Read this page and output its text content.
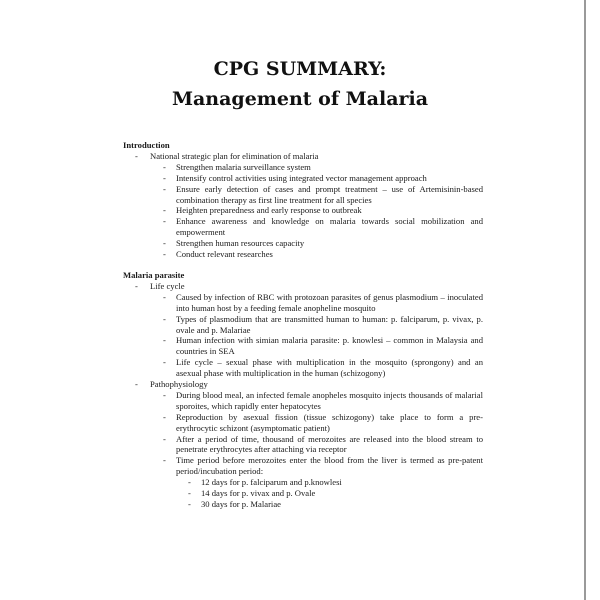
CPG SUMMARY:
Management of Malaria
Introduction
- National strategic plan for elimination of malaria
- Strengthen malaria surveillance system
- Intensify control activities using integrated vector management approach
- Ensure early detection of cases and prompt treatment – use of Artemisinin-based combination therapy as first line treatment for all species
- Heighten preparedness and early response to outbreak
- Enhance awareness and knowledge on malaria towards social mobilization and empowerment
- Strengthen human resources capacity
- Conduct relevant researches
Malaria parasite
- Life cycle
- Caused by infection of RBC with protozoan parasites of genus plasmodium – inoculated into human host by a feeding female anopheline mosquito
- Types of plasmodium that are transmitted human to human: p. falciparum, p. vivax, p. ovale and p. Malariae
- Human infection with simian malaria parasite: p. knowlesi – common in Malaysia and countries in SEA
- Life cycle – sexual phase with multiplication in the mosquito (sprongony) and an asexual phase with multiplication in the human (schizogony)
- Pathophysiology
- During blood meal, an infected female anopheles mosquito injects thousands of malarial sporoites, which rapidly enter hepatocytes
- Reproduction by asexual fission (tissue schizogony) take place to form a pre-erythrocytic schizont (asymptomatic patient)
- After a period of time, thousand of merozoites are released into the blood stream to penetrate erythrocytes after attaching via receptor
- Time period before merozoites enter the blood from the liver is termed as pre-patent period/incubation period:
- 12 days for p. falciparum and p.knowlesi
- 14 days for p. vivax and p. Ovale
- 30 days for p. Malariae
